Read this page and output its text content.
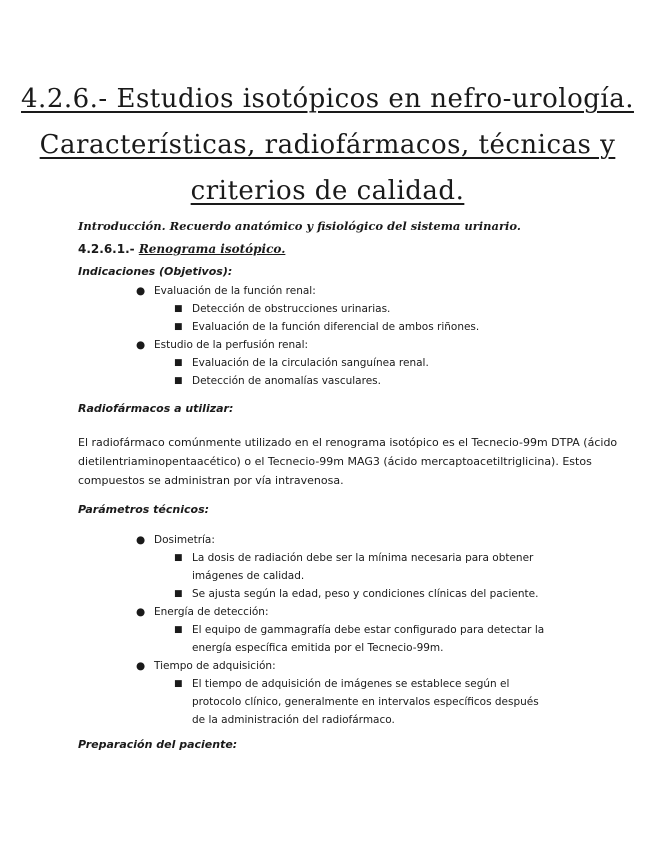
4.2.6.- Estudios isotópicos en nefro-urología.
Características, radiofármacos, técnicas y
criterios de calidad.
Introducción. Recuerdo anatómico y fisiológico del sistema urinario.
4.2.6.1.- Renograma isotópico.
Indicaciones (Objetivos):
● Evaluación de la función renal:
■ Detección de obstrucciones urinarias.
■ Evaluación de la función diferencial de ambos riñones.
● Estudio de la perfusión renal:
■ Evaluación de la circulación sanguínea renal.
■ Detección de anomalías vasculares.
Radiofármacos a utilizar:
El radiofármaco comúnmente utilizado en el renograma isotópico es el Tecnecio-99m DTPA (ácido
dietilentriaminopentaacético) o el Tecnecio-99m MAG3 (ácido mercaptoacetiltriglicina). Estos
compuestos se administran por vía intravenosa.
Parámetros técnicos:
● Dosimetría:
■ La dosis de radiación debe ser la mínima necesaria para obtener imágenes de calidad.
■ Se ajusta según la edad, peso y condiciones clínicas del paciente.
● Energía de detección:
■ El equipo de gammagrafía debe estar configurado para detectar la energía específica emitida por el Tecnecio-99m.
● Tiempo de adquisición:
■ El tiempo de adquisición de imágenes se establece según el protocolo clínico, generalmente en intervalos específicos después de la administración del radiofármaco.
Preparación del paciente:
